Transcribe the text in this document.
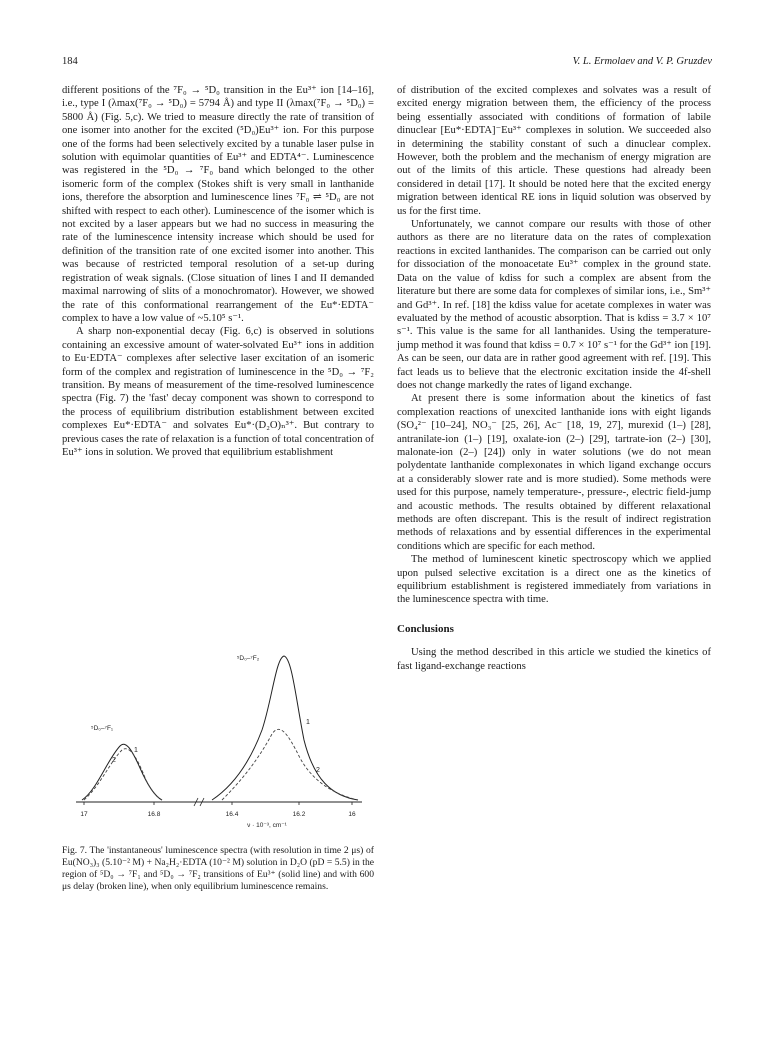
184	V. L. Ermolaev and V. P. Gruzdev

different positions of the ⁷F₀ → ⁵D₀ transition in the Eu³⁺ ion [14–16], i.e., type I (λmax(⁷F₀ → ⁵D₀) = 5794 Å) and type II (λmax(⁷F₀ → ⁵D₀) = 5800 Å) (Fig. 5,c). We tried to measure directly the rate of transition of one isomer into another for the excited (⁵D₀)Eu³⁺ ion. For this purpose one of the forms had been selectively excited by a tunable laser pulse in solution with equimolar quantities of Eu³⁺ and EDTA⁴⁻. Luminescence was registered in the ⁵D₀ → ⁷F₀ band which belonged to the other isomeric form of the complex (Stokes shift is very small in lanthanide ions, therefore the absorption and luminescence lines ⁷F₀ ⇌ ⁵D₀ are not shifted with respect to each other). Luminescence of the isomer which is not excited by a laser appears but we had no success in measuring the rate of the luminescence intensity increase which should be used for definition of the transition rate of one excited isomer into another. This was because of restricted temporal resolution of a set-up during registration of weak signals. (Close situation of lines I and II demanded maximal narrowing of slits of a monochromator). However, we showed the rate of this conformational rearrangement of the Eu*·EDTA⁻ complex to have a low value of ~5.10⁵ s⁻¹.

A sharp non-exponential decay (Fig. 6,c) is observed in solutions containing an excessive amount of water-solvated Eu³⁺ ions in addition to Eu·EDTA⁻ complexes after selective laser excitation of an isomeric form of the complex and registration of luminescence in the ⁵D₀ → ⁷F₂ transition. By means of measurement of the time-resolved luminescence spectra (Fig. 7) the 'fast' decay component was shown to correspond to the process of equilibrium distribution establishment between excited complexes Eu*·EDTA⁻ and solvates Eu*·(D₂O)ₙ³⁺. But contrary to previous cases the rate of relaxation is a function of total concentration of Eu³⁺ ions in solution. We proved that equilibrium establishment

17	16.8	16.4	16.2	16
ν · 10⁻³, cm⁻¹
⁵D₀–⁷F₁
⁵D₀–⁷F₂
2
1
1
2
Fig. 7. The 'instantaneous' luminescence spectra (with resolution in time 2 μs) of Eu(NO₃)₃ (5.10⁻² M) + Na₂H₂·EDTA (10⁻² M) solution in D₂O (pD = 5.5) in the region of ⁵D₀ → ⁷F₁ and ⁵D₀ → ⁷F₂ transitions of Eu³⁺ (solid line) and with 600 μs delay (broken line), when only equilibrium luminescence remains.

of distribution of the excited complexes and solvates was a result of excited energy migration between them, the efficiency of the process being essentially associated with conditions of formation of labile dinuclear [Eu*·EDTA]⁻Eu³⁺ complexes in solution. We succeeded also in determining the stability constant of such a dinuclear complex. However, both the problem and the mechanism of energy migration are out of the limits of this article. These questions had already been considered in detail [17]. It should be noted here that the excited energy migration between identical RE ions in liquid solution was observed by us for the first time.

Unfortunately, we cannot compare our results with those of other authors as there are no literature data on the rates of complexation reactions in excited lanthanides. The comparison can be carried out only for dissociation of the monoacetate Eu³⁺ complex in the ground state. Data on the value of kdiss for such a complex are absent from the literature but there are some data for complexes of similar ions, i.e., Sm³⁺ and Gd³⁺. In ref. [18] the kdiss value for acetate complexes in water was evaluated by the method of acoustic absorption. That is kdiss = 3.7 × 10⁷ s⁻¹. This value is the same for all lanthanides. Using the temperature-jump method it was found that kdiss = 0.7 × 10⁷ s⁻¹ for the Gd³⁺ ion [19]. As can be seen, our data are in rather good agreement with ref. [19]. This fact leads us to believe that the electronic excitation inside the 4f-shell does not change markedly the rates of ligand exchange.

At present there is some information about the kinetics of fast complexation reactions of unexcited lanthanide ions with eight ligands (SO₄²⁻ [10–24], NO₃⁻ [25, 26], Ac⁻ [18, 19, 27], murexid (1–) [28], antranilate-ion (1–) [19], oxalate-ion (2–) [29], tartrate-ion (2–) [30], malonate-ion (2–) [24]) only in water solutions (we do not mean polydentate lanthanide complexonates in which ligand exchange occurs at a considerably slower rate and is more studied). Some methods were used for this purpose, namely temperature-, pressure-, electric field-jump and acoustic methods. The results obtained by different relaxational methods are often discrepant. This is the result of indirect registration methods of relaxations and by essential differences in the experimental conditions which are specific for each method.

The method of luminescent kinetic spectroscopy which we applied upon pulsed selective excitation is a direct one as the kinetics of equilibrium establishment is registered immediately from variations in the luminescence spectra with time.

Conclusions

Using the method described in this article we studied the kinetics of fast ligand-exchange reactions
